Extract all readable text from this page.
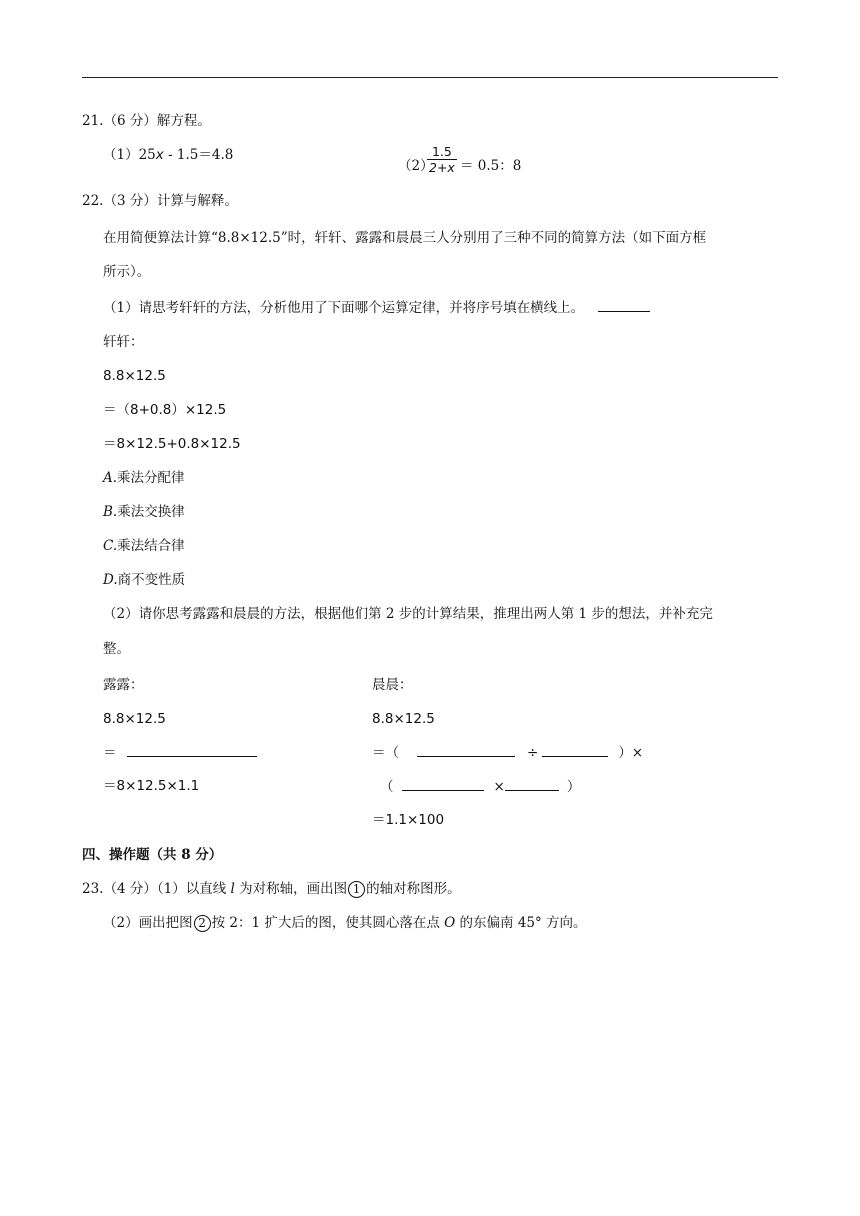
21.（6 分）解方程。
（1）25x - 1.5＝4.8
（2）
$\frac{1.5}{2+x} = 0.5$：8
22.（3 分）计算与解释。
在用简便算法计算“8.8×12.5”时，轩轩、露露和晨晨三人分别用了三种不同的简算方法（如下面方框
所示）。
（1）请思考轩轩的方法，分析他用了下面哪个运算定律，并将序号填在横线上。
轩轩：
8.8×12.5
＝（8+0.8）×12.5
＝8×12.5+0.8×12.5
A.乘法分配律
B.乘法交换律
C.乘法结合律
D.商不变性质
（2）请你思考露露和晨晨的方法，根据他们第 2 步的计算结果，推理出两人第 1 步的想法，并补充完
整。
露露：
8.8×12.5
＝
＝8×12.5×1.1
晨晨：
8.8×12.5
＝（	÷	）×
（	×	）
＝1.1×100
四、操作题（共 8 分）
23.（4 分）（1）以直线 l 为对称轴，画出图 1 的轴对称图形。
（2）画出把图 2 按 2：1 扩大后的图，使其圆心落在点 O 的东偏南 45° 方向。
